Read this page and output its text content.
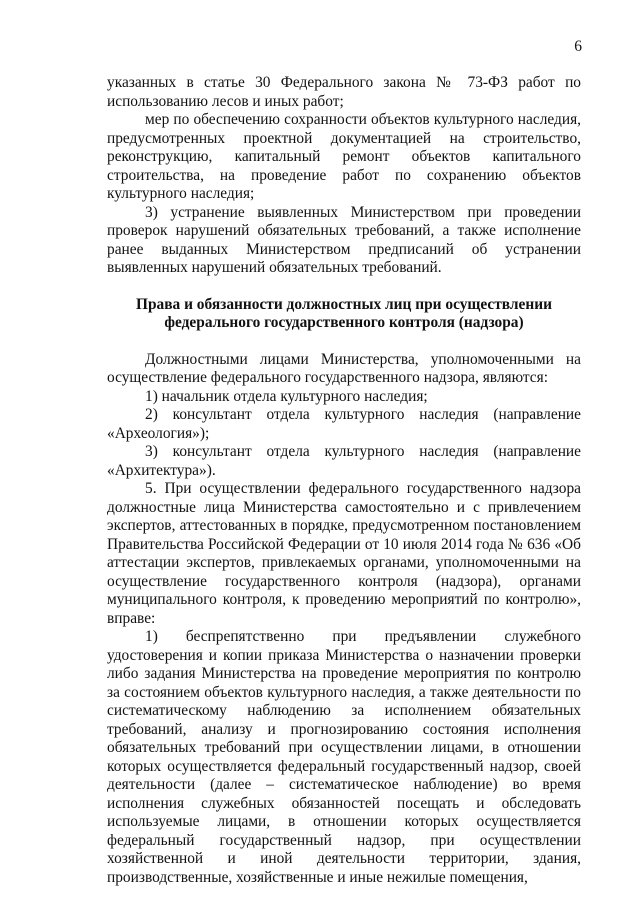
6

указанных в статье 30 Федерального закона № 73-ФЗ работ по использованию лесов и иных работ;

мер по обеспечению сохранности объектов культурного наследия, предусмотренных проектной документацией на строительство, реконструкцию, капитальный ремонт объектов капитального строительства, на проведение работ по сохранению объектов культурного наследия;

3) устранение выявленных Министерством при проведении проверок нарушений обязательных требований, а также исполнение ранее выданных Министерством предписаний об устранении выявленных нарушений обязательных требований.

Права и обязанности должностных лиц при осуществлении
федерального государственного контроля (надзора)

Должностными лицами Министерства, уполномоченными на осуществление федерального государственного надзора, являются:

1) начальник отдела культурного наследия;

2) консультант отдела культурного наследия (направление «Археология»);

3) консультант отдела культурного наследия (направление «Архитектура»).

5. При осуществлении федерального государственного надзора должностные лица Министерства самостоятельно и с привлечением экспертов, аттестованных в порядке, предусмотренном постановлением Правительства Российской Федерации от 10 июля 2014 года № 636 «Об аттестации экспертов, привлекаемых органами, уполномоченными на осуществление государственного контроля (надзора), органами муниципального контроля, к проведению мероприятий по контролю», вправе:

1) беспрепятственно при предъявлении служебного удостоверения и копии приказа Министерства о назначении проверки либо задания Министерства на проведение мероприятия по контролю за состоянием объектов культурного наследия, а также деятельности по систематическому наблюдению за исполнением обязательных требований, анализу и прогнозированию состояния исполнения обязательных требований при осуществлении лицами, в отношении которых осуществляется федеральный государственный надзор, своей деятельности (далее – систематическое наблюдение) во время исполнения служебных обязанностей посещать и обследовать используемые лицами, в отношении которых осуществляется федеральный государственный надзор, при осуществлении хозяйственной и иной деятельности территории, здания, производственные, хозяйственные и иные нежилые помещения,
